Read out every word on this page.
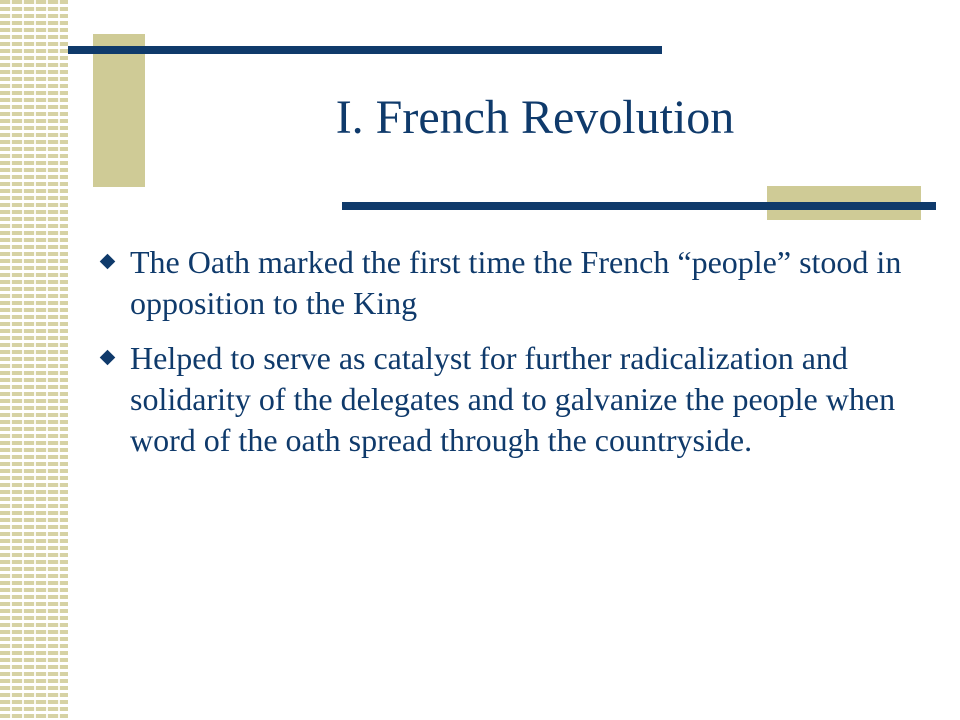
I. French Revolution
The Oath marked the first time the French “people” stood in opposition to the King
Helped to serve as catalyst for further radicalization and solidarity of the delegates and to galvanize the people when word of the oath spread through the countryside.
